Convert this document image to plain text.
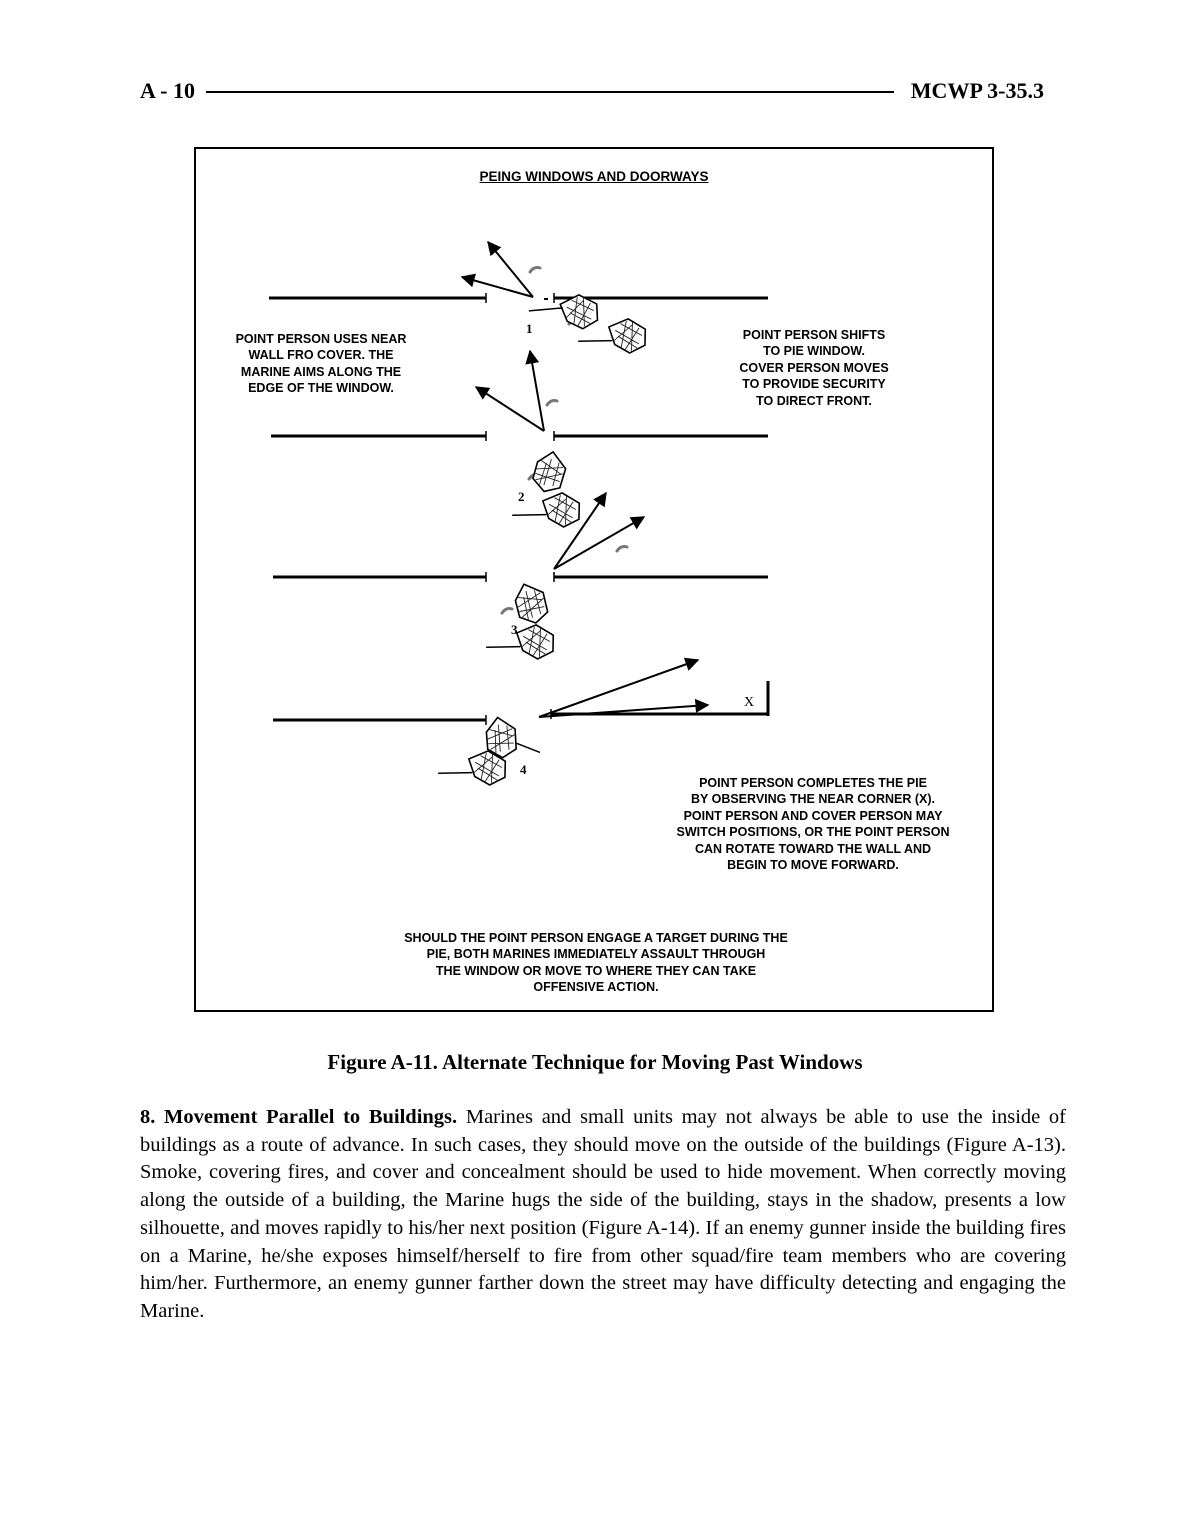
A - 10	MCWP 3-35.3
PEING WINDOWS AND DOORWAYS
POINT PERSON USES NEAR
WALL FRO COVER. THE
MARINE AIMS ALONG THE
EDGE OF THE WINDOW.
POINT PERSON SHIFTS
TO PIE WINDOW.
COVER PERSON MOVES
TO PROVIDE SECURITY
TO DIRECT FRONT.
POINT PERSON COMPLETES THE PIE
BY OBSERVING THE NEAR CORNER (X).
POINT PERSON AND COVER PERSON MAY
SWITCH POSITIONS, OR THE POINT PERSON
CAN ROTATE TOWARD THE WALL AND
BEGIN TO MOVE FORWARD.
SHOULD THE POINT PERSON ENGAGE A TARGET DURING THE
PIE, BOTH MARINES IMMEDIATELY ASSAULT THROUGH
THE WINDOW OR MOVE TO WHERE THEY CAN TAKE
OFFENSIVE ACTION.
1
2
3
4
X
Figure A-11. Alternate Technique for Moving Past Windows
8. Movement Parallel to Buildings. Marines and small units may not always be able to use the inside of buildings as a route of advance. In such cases, they should move on the outside of the buildings (Figure A-13). Smoke, covering fires, and cover and concealment should be used to hide movement. When correctly moving along the outside of a building, the Marine hugs the side of the building, stays in the shadow, presents a low silhouette, and moves rapidly to his/her next position (Figure A-14). If an enemy gunner inside the building fires on a Marine, he/she exposes himself/herself to fire from other squad/fire team members who are covering him/her. Furthermore, an enemy gunner farther down the street may have difficulty detecting and engaging the Marine.
